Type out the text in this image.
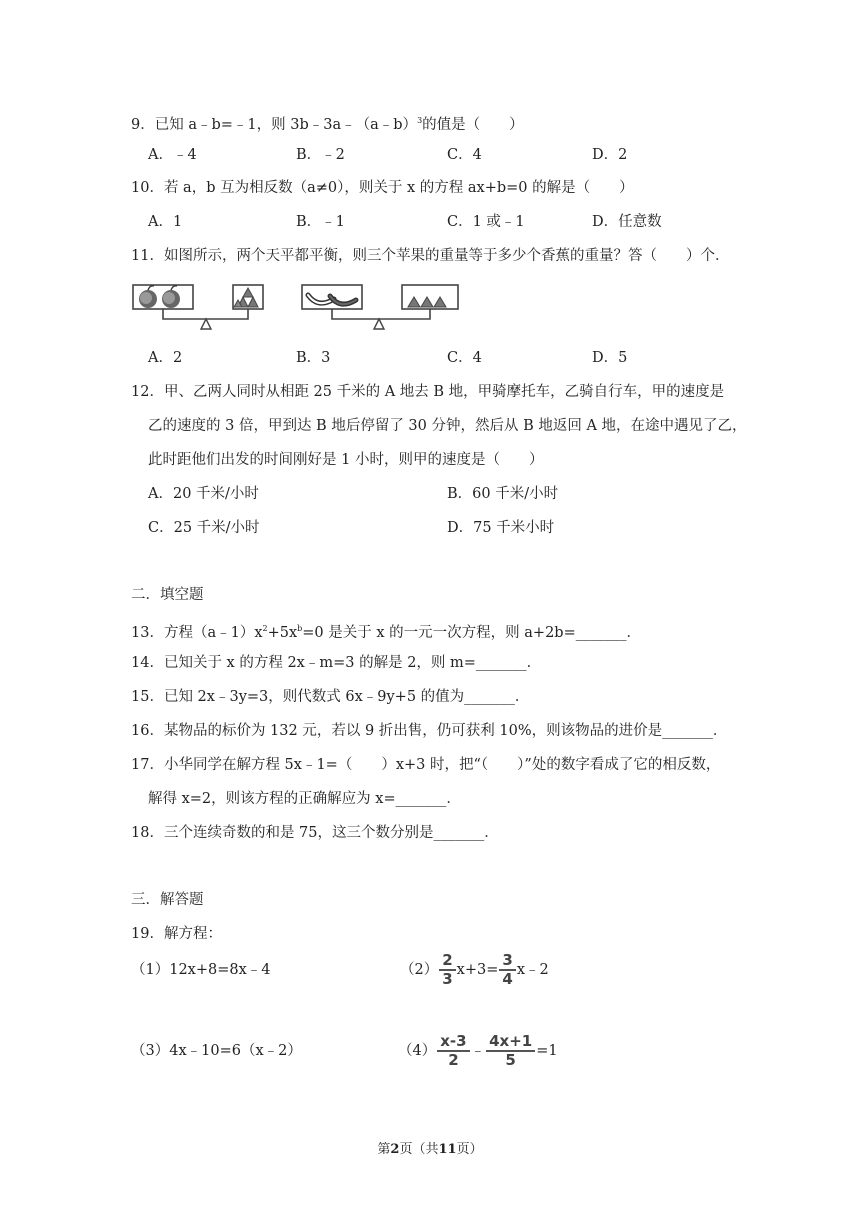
9．已知 a﹣b=﹣1，则 3b﹣3a﹣（a﹣b）$^3$的值是（　　）
A．﹣4	B．﹣2	C．4	D．2
10．若 a，b 互为相反数（a≠0），则关于 x 的方程 ax+b=0 的解是（　　）
A．1	B．﹣1	C．1 或﹣1	D．任意数
11．如图所示，两个天平都平衡，则三个苹果的重量等于多少个香蕉的重量？答（　　）个．
A．2	B．3	C．4	D．5
12．甲、乙两人同时从相距 25 千米的 A 地去 B 地，甲骑摩托车，乙骑自行车，甲的速度是
乙的速度的 3 倍，甲到达 B 地后停留了 30 分钟，然后从 B 地返回 A 地，在途中遇见了乙，
此时距他们出发的时间刚好是 1 小时，则甲的速度是（　　）
A．20 千米/小时	B．60 千米/小时
C．25 千米/小时	D．75 千米小时
二．填空题
13．方程$(a﹣1)x^2+5x^b=0$ 是关于 x 的一元一次方程，则 a+2b=_______．
14．已知关于 x 的方程 2x﹣m=3 的解是 2，则 m=_______．
15．已知 2x﹣3y=3，则代数式 6x﹣9y+5 的值为_______．
16．某物品的标价为 132 元，若以 9 折出售，仍可获利 10%，则该物品的进价是_______．
17．小华同学在解方程 5x﹣1=（　　）x+3 时，把“（　　）”处的数字看成了它的相反数，
解得 x=2，则该方程的正确解应为 x=_______．
18．三个连续奇数的和是 75，这三个数分别是_______．
三．解答题
19．解方程：
（1）12x+8=8x﹣4	$(2) \frac{2}{3} x+3= \frac{3}{4}$ x﹣2
（3）4x﹣10=6（x﹣2）	$(4) \frac{x-3}{2}$ ﹣ $\frac{4x+1}{5} =1$
第2页（共11页）
